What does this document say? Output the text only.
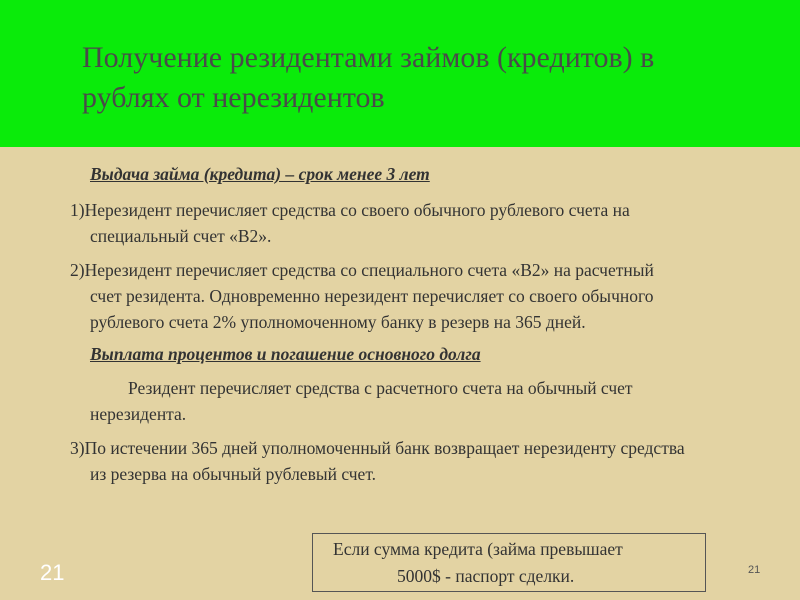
Получение резидентами займов (кредитов) в
рублях от нерезидентов
Выдача займа (кредита) – срок менее 3 лет
1)Нерезидент перечисляет средства со своего обычного рублевого счета на
специальный счет «В2».
2)Нерезидент перечисляет средства со специального счета «В2» на расчетный
счет резидента. Одновременно нерезидент перечисляет со своего обычного
рублевого счета 2% уполномоченному банку в резерв на 365 дней.
Выплата процентов и погашение основного долга
Резидент перечисляет средства с расчетного счета на обычный счет
нерезидента.
3)По истечении 365 дней уполномоченный банк возвращает нерезиденту средства
из резерва на обычный рублевый счет.
Если сумма кредита (займа превышает
5000$ - паспорт сделки.
21	21
